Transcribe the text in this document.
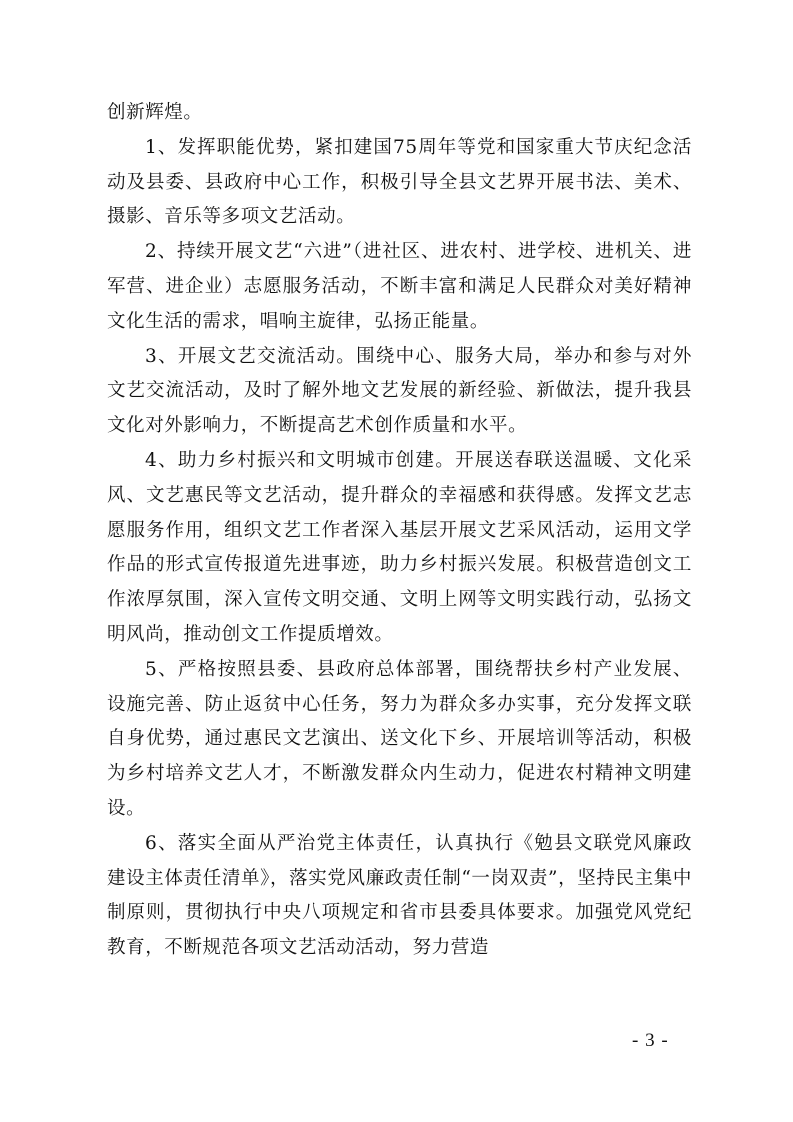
创新辉煌。

1、发挥职能优势，紧扣建国75周年等党和国家重大节庆纪念活动及县委、县政府中心工作，积极引导全县文艺界开展书法、美术、摄影、音乐等多项文艺活动。

2、持续开展文艺“六进”（进社区、进农村、进学校、进机关、进军营、进企业）志愿服务活动，不断丰富和满足人民群众对美好精神文化生活的需求，唱响主旋律，弘扬正能量。

3、开展文艺交流活动。围绕中心、服务大局，举办和参与对外文艺交流活动，及时了解外地文艺发展的新经验、新做法，提升我县文化对外影响力，不断提高艺术创作质量和水平。

4、助力乡村振兴和文明城市创建。开展送春联送温暖、文化采风、文艺惠民等文艺活动，提升群众的幸福感和获得感。发挥文艺志愿服务作用，组织文艺工作者深入基层开展文艺采风活动，运用文学作品的形式宣传报道先进事迹，助力乡村振兴发展。积极营造创文工作浓厚氛围，深入宣传文明交通、文明上网等文明实践行动，弘扬文明风尚，推动创文工作提质增效。

5、严格按照县委、县政府总体部署，围绕帮扶乡村产业发展、设施完善、防止返贫中心任务，努力为群众多办实事，充分发挥文联自身优势，通过惠民文艺演出、送文化下乡、开展培训等活动，积极为乡村培养文艺人才，不断激发群众内生动力，促进农村精神文明建设。

6、落实全面从严治党主体责任，认真执行《勉县文联党风廉政建设主体责任清单》，落实党风廉政责任制“一岗双责”，坚持民主集中制原则，贯彻执行中央八项规定和省市县委具体要求。加强党风党纪教育，不断规范各项文艺活动活动，努力营造

- 3 -
